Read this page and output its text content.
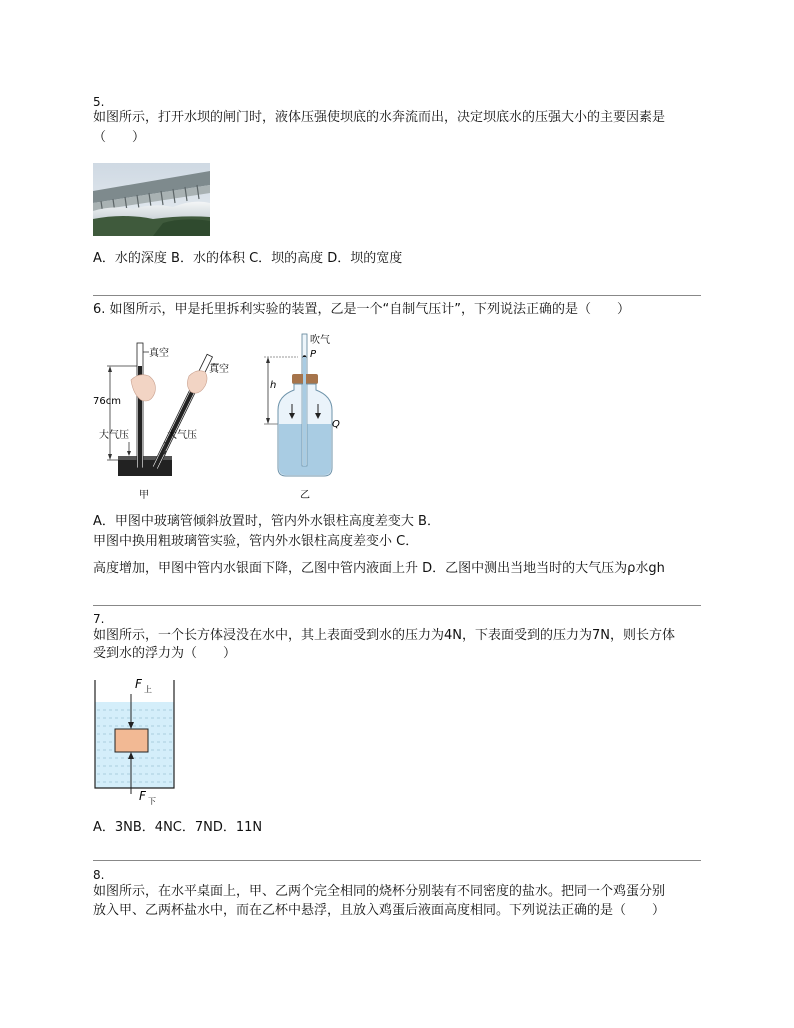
5.
如图所示，打开水坝的闸门时，液体压强使坝底的水奔流而出，决定坝底水的压强大小的主要因素是
（　　）
A．水的深度 B．水的体积 C．坝的高度 D．坝的宽度
6. 如图所示，甲是托里拆利实验的装置，乙是一个“自制气压计”，下列说法正确的是（　　）
76cm
真空
真空
大气压	大气压
甲
吹气
P
h
Q
乙
A．甲图中玻璃管倾斜放置时，管内外水银柱高度差变大 B．
甲图中换用粗玻璃管实验，管内外水银柱高度差变小 C．
高度增加，甲图中管内水银面下降，乙图中管内液面上升 D．乙图中测出当地当时的大气压为ρ水gh
7.
如图所示，一个长方体浸没在水中，其上表面受到水的压力为4N，下表面受到的压力为7N，则长方体
受到水的浮力为（　　）
F 上
F 下
A．3NB．4NC．7ND．11N
8.
如图所示，在水平桌面上，甲、乙两个完全相同的烧杯分别装有不同密度的盐水。把同一个鸡蛋分别
放入甲、乙两杯盐水中，而在乙杯中悬浮，且放入鸡蛋后液面高度相同。下列说法正确的是（　　）
